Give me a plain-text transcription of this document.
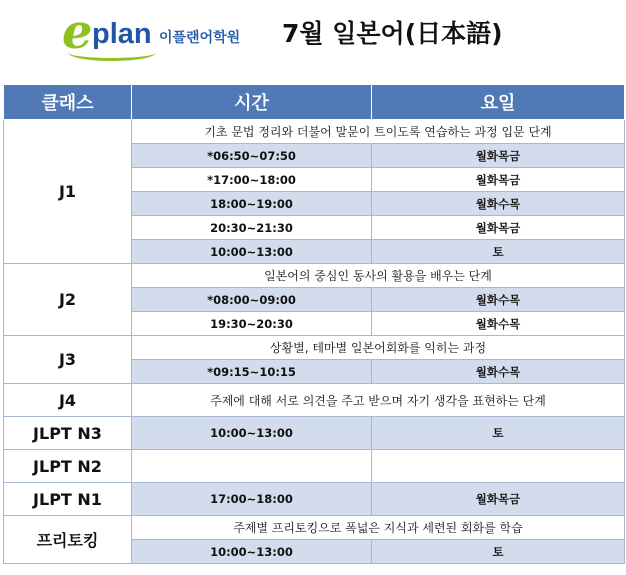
e plan 이플랜어학원 7월 일본어(日本語)
클래스	시간	요일
J1	기초 문법 정리와 더불어 말문이 트이도록 연습하는 과정 입문 단계	
	*06:50~07:50	월화목금
	*17:00~18:00	월화목금
	18:00~19:00	월화수목
	20:30~21:30	월화목금
	10:00~13:00	토
J2	일본어의 중심인 동사의 활용을 배우는 단계	
	*08:00~09:00	월화수목
	19:30~20:30	월화수목
J3	상황별, 테마별 일본어회화를 익히는 과정	
	*09:15~10:15	월화수목
J4	주제에 대해 서로 의견을 주고 받으며 자기 생각을 표현하는 단계	
JLPT N3	10:00~13:00	토
JLPT N2		
JLPT N1	17:00~18:00	월화목금
프리토킹	주제별 프리토킹으로 폭넓은 지식과 세련된 회화를 학습	
	10:00~13:00	토
